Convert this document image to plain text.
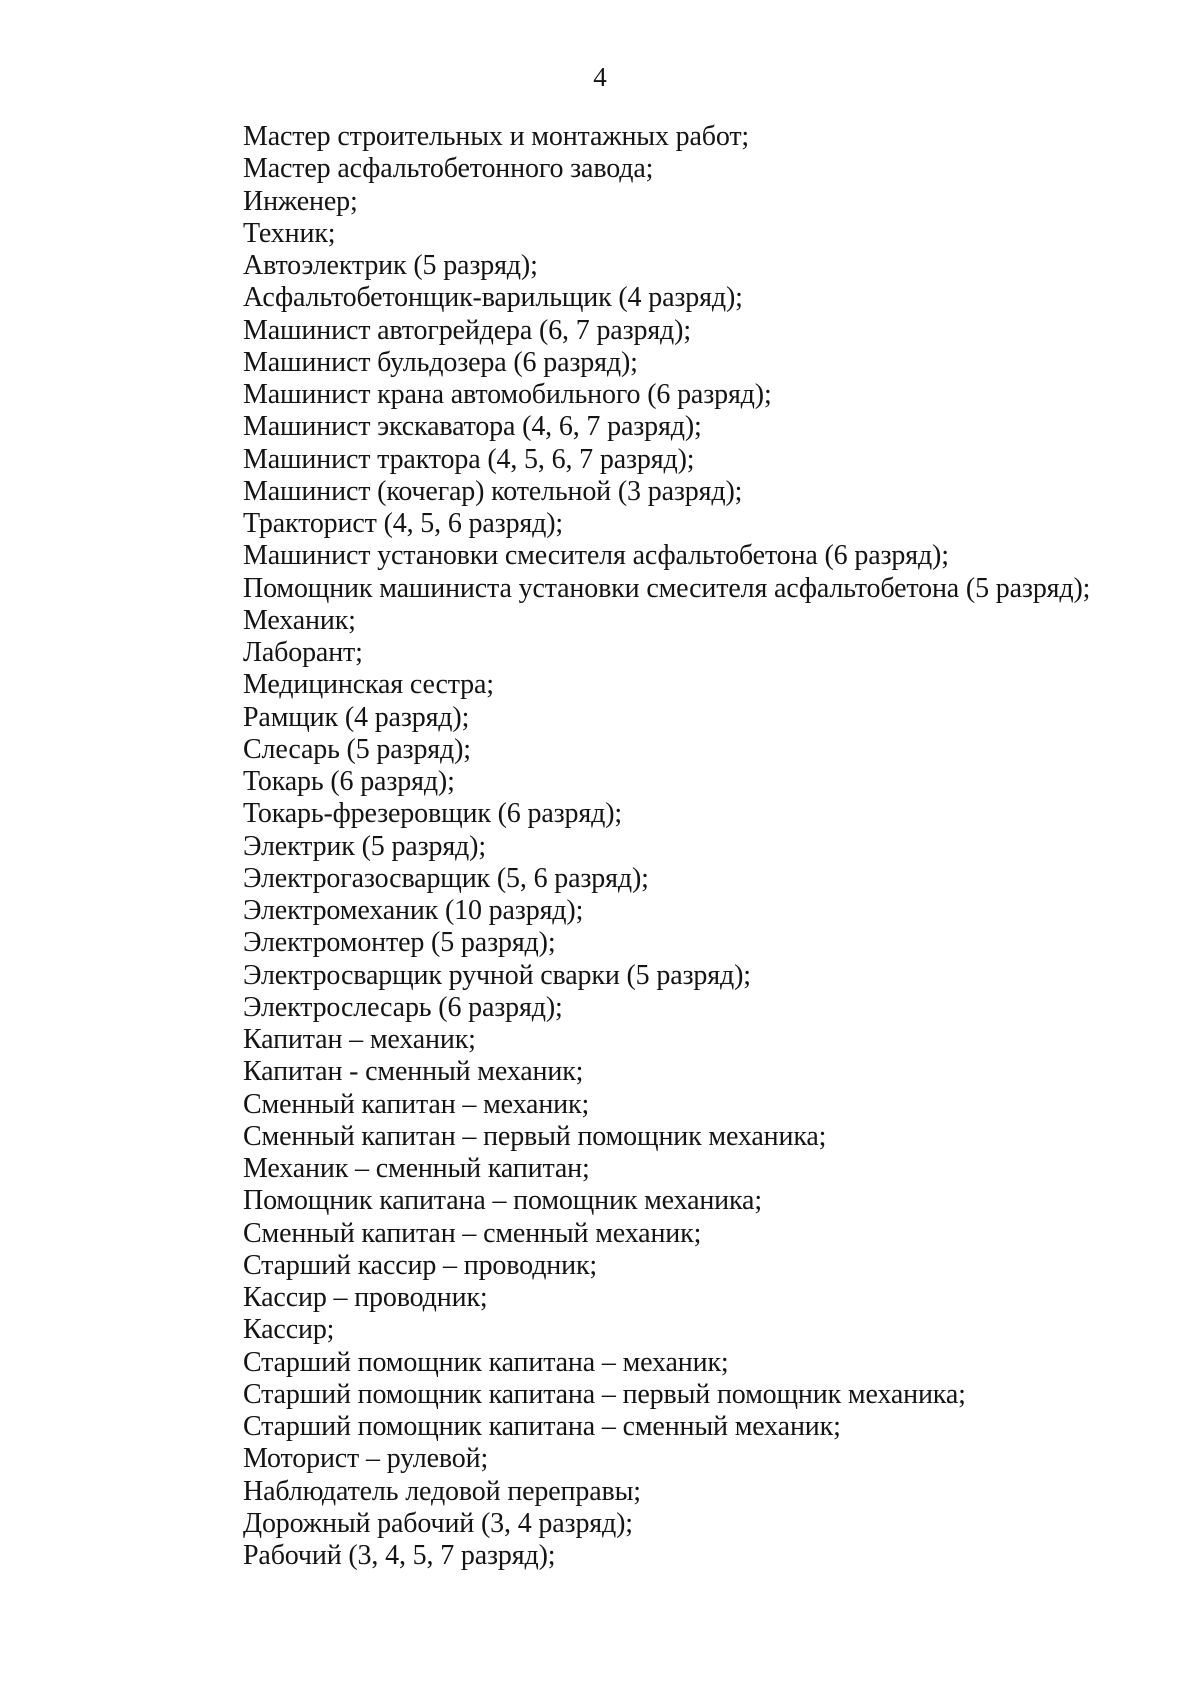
4
Мастер строительных и монтажных работ;
Мастер асфальтобетонного завода;
Инженер;
Техник;
Автоэлектрик (5 разряд);
Асфальтобетонщик-варильщик (4 разряд);
Машинист автогрейдера (6, 7 разряд);
Машинист бульдозера (6 разряд);
Машинист крана автомобильного (6 разряд);
Машинист экскаватора (4, 6, 7 разряд);
Машинист трактора (4, 5, 6, 7 разряд);
Машинист (кочегар) котельной (3 разряд);
Тракторист (4, 5, 6 разряд);
Машинист установки смесителя асфальтобетона (6 разряд);
Помощник машиниста установки смесителя асфальтобетона (5 разряд);
Механик;
Лаборант;
Медицинская сестра;
Рамщик (4 разряд);
Слесарь (5 разряд);
Токарь (6 разряд);
Токарь-фрезеровщик (6 разряд);
Электрик (5 разряд);
Электрогазосварщик (5, 6 разряд);
Электромеханик (10 разряд);
Электромонтер (5 разряд);
Электросварщик ручной сварки (5 разряд);
Электрослесарь (6 разряд);
Капитан – механик;
Капитан - сменный механик;
Сменный капитан – механик;
Сменный капитан – первый помощник механика;
Механик – сменный капитан;
Помощник капитана – помощник механика;
Сменный капитан – сменный механик;
Старший кассир – проводник;
Кассир – проводник;
Кассир;
Старший помощник капитана – механик;
Старший помощник капитана – первый помощник механика;
Старший помощник капитана – сменный механик;
Моторист – рулевой;
Наблюдатель ледовой переправы;
Дорожный рабочий (3, 4 разряд);
Рабочий (3, 4, 5, 7 разряд);
